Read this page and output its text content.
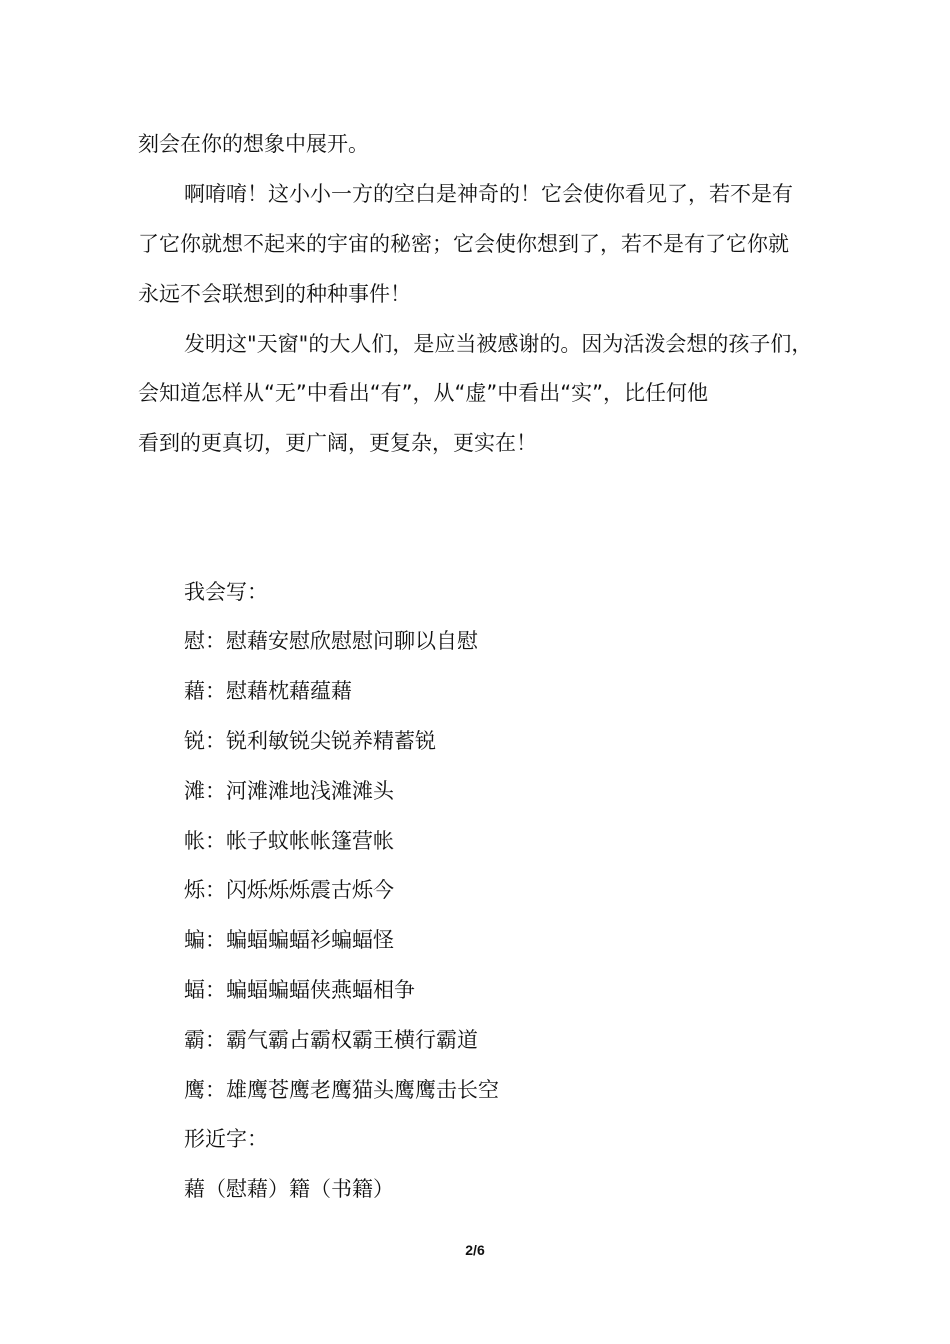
刻会在你的想象中展开。
啊唷唷！这小小一方的空白是神奇的！它会使你看见了，若不是有
了它你就想不起来的宇宙的秘密；它会使你想到了，若不是有了它你就
永远不会联想到的种种事件！
发明这"天窗"的大人们，是应当被感谢的。因为活泼会想的孩子们，
会知道怎样从“无”中看出“有”，从“虚”中看出“实”，比任何他
看到的更真切，更广阔，更复杂，更实在！
我会写：
慰：慰藉安慰欣慰慰问聊以自慰
藉：慰藉枕藉蕴藉
锐：锐利敏锐尖锐养精蓄锐
滩：河滩滩地浅滩滩头
帐：帐子蚊帐帐篷营帐
烁：闪烁烁烁震古烁今
蝙：蝙蝠蝙蝠衫蝙蝠怪
蝠：蝙蝠蝙蝠侠燕蝠相争
霸：霸气霸占霸权霸王横行霸道
鹰：雄鹰苍鹰老鹰猫头鹰鹰击长空
形近字：
藉（慰藉）籍（书籍）
2/6
